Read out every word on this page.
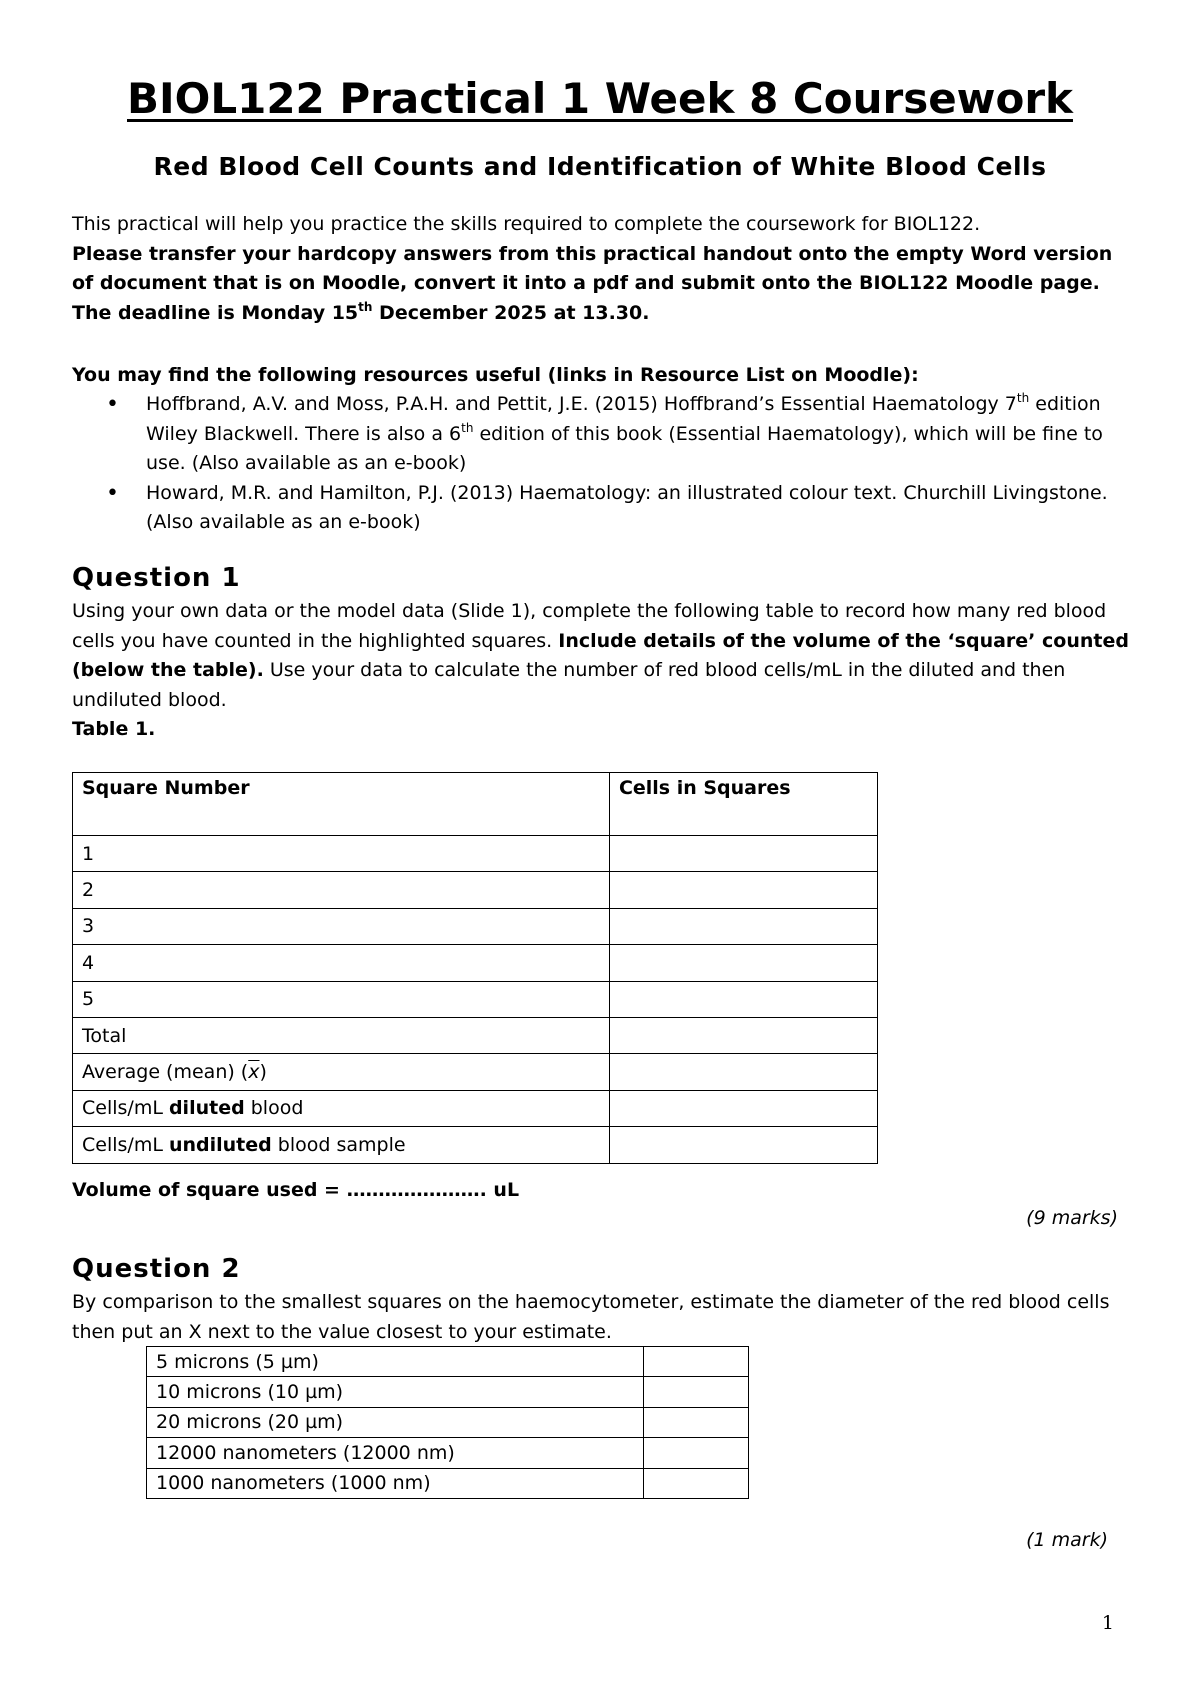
BIOL122 Practical 1 Week 8 Coursework
Red Blood Cell Counts and Identification of White Blood Cells
This practical will help you practice the skills required to complete the coursework for BIOL122.
Please transfer your hardcopy answers from this practical handout onto the empty Word version of document that is on Moodle, convert it into a pdf and submit onto the BIOL122 Moodle page. The deadline is Monday 15th December 2025 at 13.30.
You may find the following resources useful (links in Resource List on Moodle):
• Hoffbrand, A.V. and Moss, P.A.H. and Pettit, J.E. (2015) Hoffbrand’s Essential Haematology 7th edition Wiley Blackwell. There is also a 6th edition of this book (Essential Haematology), which will be fine to use. (Also available as an e-book)
• Howard, M.R. and Hamilton, P.J. (2013) Haematology: an illustrated colour text. Churchill Livingstone. (Also available as an e-book)
Question 1
Using your own data or the model data (Slide 1), complete the following table to record how many red blood cells you have counted in the highlighted squares. Include details of the volume of the ‘square’ counted (below the table). Use your data to calculate the number of red blood cells/mL in the diluted and then undiluted blood.
Table 1.
Square Number	Cells in Squares
1	
2	
3	
4	
5	
Total	
Average (mean) $(\overline{x})$	
Cells/mL diluted blood	
Cells/mL undiluted blood sample	
Volume of square used = …………………. uL
(9 marks)
Question 2
By comparison to the smallest squares on the haemocytometer, estimate the diameter of the red blood cells then put an X next to the value closest to your estimate.
5 microns (5 µm)	
10 microns (10 µm)	
20 microns (20 µm)	
12000 nanometers (12000 nm)	
1000 nanometers (1000 nm)	
(1 mark)
1
